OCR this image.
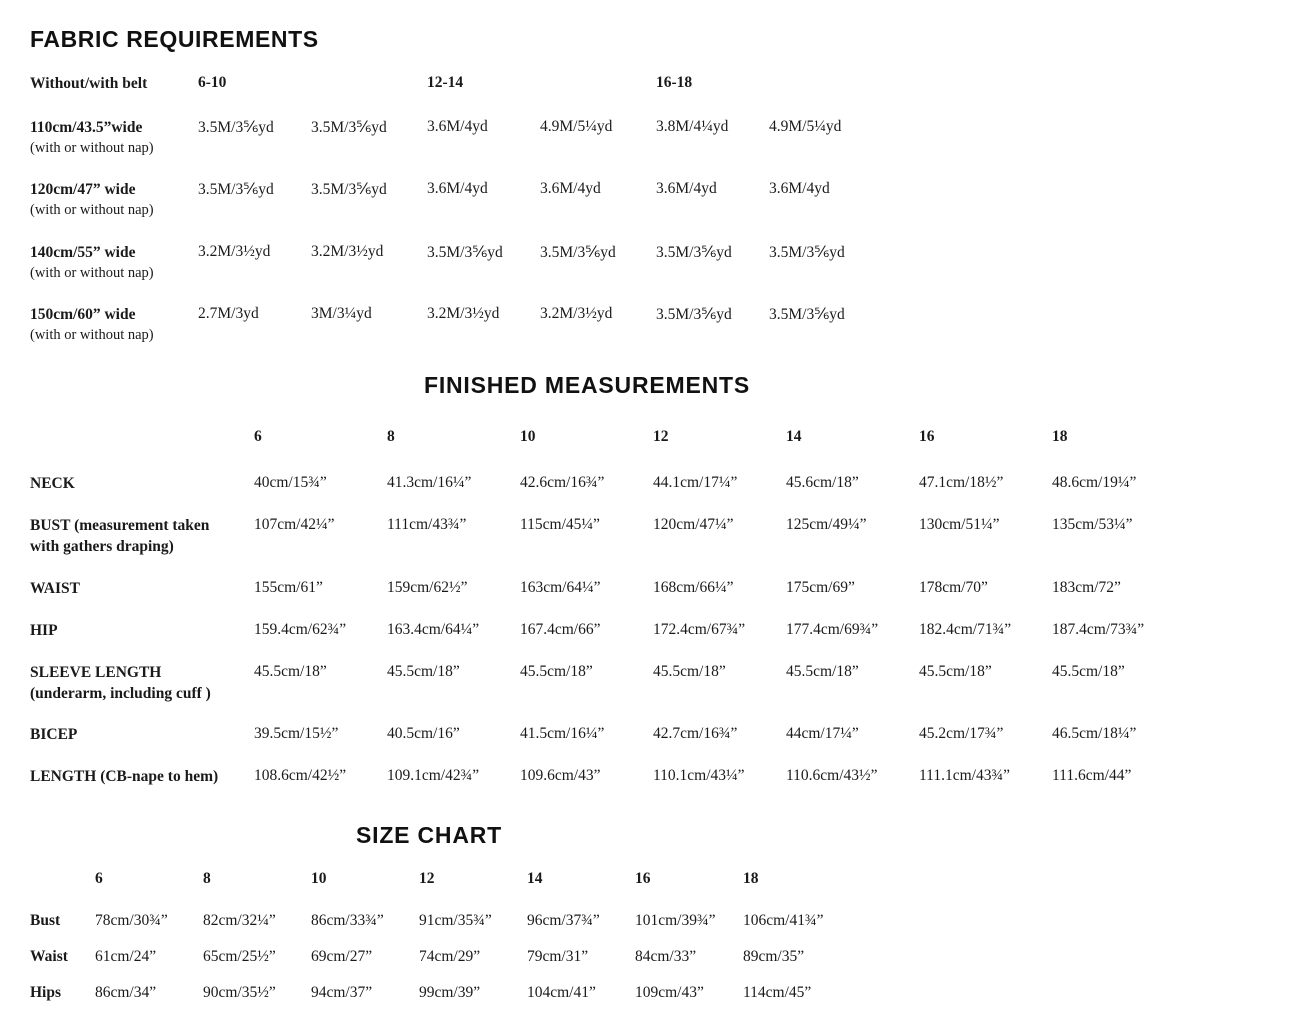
FABRIC REQUIREMENTS
Without/with belt	6-10		12-14		16-18	
110cm/43.5”wide
(with or without nap)	3.5M/3⅚yd	3.5M/3⅚yd	3.6M/4yd	4.9M/5¼yd	3.8M/4¼yd	4.9M/5¼yd
120cm/47” wide
(with or without nap)	3.5M/3⅚yd	3.5M/3⅚yd	3.6M/4yd	3.6M/4yd	3.6M/4yd	3.6M/4yd
140cm/55” wide
(with or without nap)	3.2M/3½yd	3.2M/3½yd	3.5M/3⅚yd	3.5M/3⅚yd	3.5M/3⅚yd	3.5M/3⅚yd
150cm/60” wide
(with or without nap)	2.7M/3yd	3M/3¼yd	3.2M/3½yd	3.2M/3½yd	3.5M/3⅚yd	3.5M/3⅚yd
FINISHED MEASUREMENTS
	6	8	10	12	14	16	18
NECK	40cm/15¾”	41.3cm/16¼”	42.6cm/16¾”	44.1cm/17¼”	45.6cm/18”	47.1cm/18½”	48.6cm/19¼”
BUST (measurement taken
with gathers draping)	107cm/42¼”	111cm/43¾”	115cm/45¼”	120cm/47¼”	125cm/49¼”	130cm/51¼”	135cm/53¼”
WAIST	155cm/61”	159cm/62½”	163cm/64¼”	168cm/66¼”	175cm/69”	178cm/70”	183cm/72”
HIP	159.4cm/62¾”	163.4cm/64¼”	167.4cm/66”	172.4cm/67¾”	177.4cm/69¾”	182.4cm/71¾”	187.4cm/73¾”
SLEEVE LENGTH
(underarm, including cuff )	45.5cm/18”	45.5cm/18”	45.5cm/18”	45.5cm/18”	45.5cm/18”	45.5cm/18”	45.5cm/18”
BICEP	39.5cm/15½”	40.5cm/16”	41.5cm/16¼”	42.7cm/16¾”	44cm/17¼”	45.2cm/17¾”	46.5cm/18¼”
LENGTH (CB-nape to hem)	108.6cm/42½”	109.1cm/42¾”	109.6cm/43”	110.1cm/43¼”	110.6cm/43½”	111.1cm/43¾”	111.6cm/44”
SIZE CHART
	6	8	10	12	14	16	18
Bust	78cm/30¾”	82cm/32¼”	86cm/33¾”	91cm/35¾”	96cm/37¾”	101cm/39¾”	106cm/41¾”
Waist	61cm/24”	65cm/25½”	69cm/27”	74cm/29”	79cm/31”	84cm/33”	89cm/35”
Hips	86cm/34”	90cm/35½”	94cm/37”	99cm/39”	104cm/41”	109cm/43”	114cm/45”
